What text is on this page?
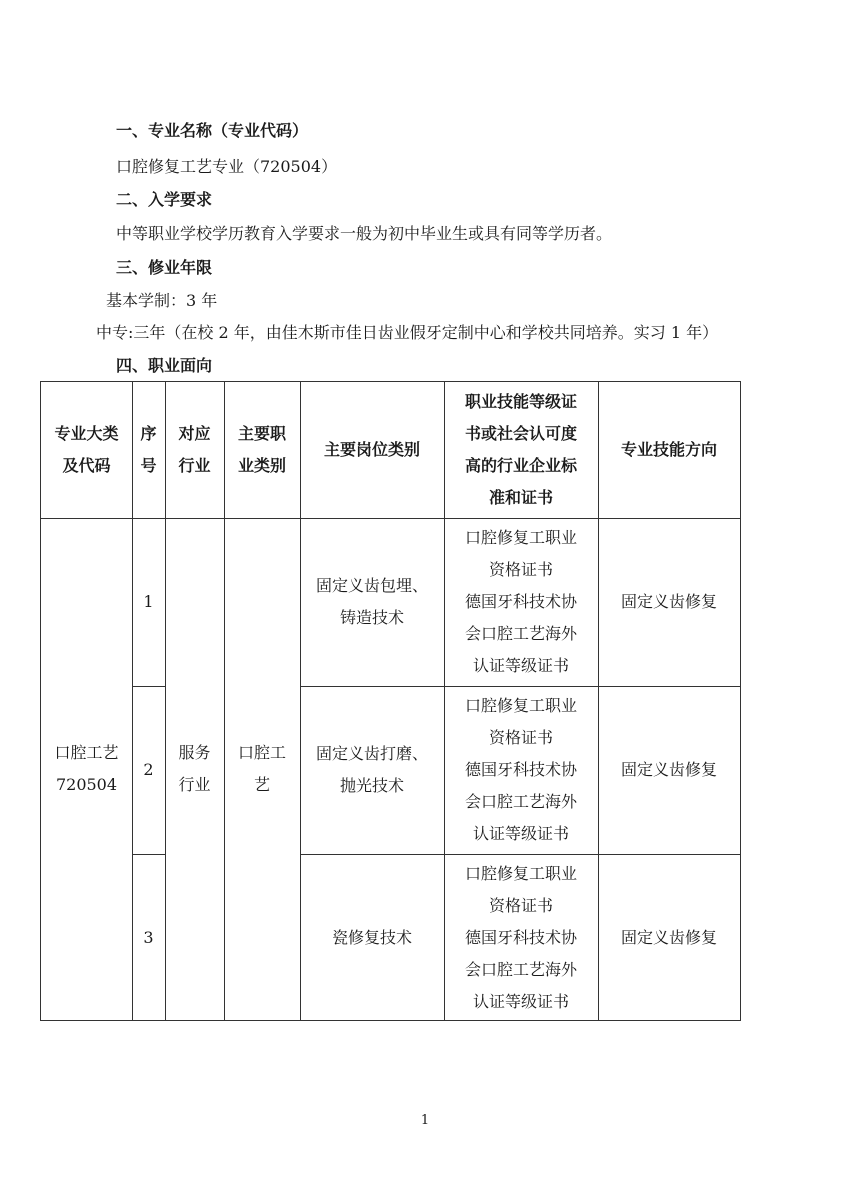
一、专业名称（专业代码）
口腔修复工艺专业（720504）
二、入学要求
中等职业学校学历教育入学要求一般为初中毕业生或具有同等学历者。
三、修业年限
基本学制：3 年
中专:三年（在校 2 年，由佳木斯市佳日齿业假牙定制中心和学校共同培养。实习 1 年）
四、职业面向
专业大类
及代码
序
号
对应
行业
主要职
业类别
主要岗位类别
职业技能等级证
书或社会认可度
高的行业企业标
准和证书
专业技能方向
口腔工艺
720504
服务
行业
口腔工
艺
1
固定义齿包埋、
铸造技术
口腔修复工职业
资格证书
德国牙科技术协
会口腔工艺海外
认证等级证书
固定义齿修复
2
固定义齿打磨、
抛光技术
口腔修复工职业
资格证书
德国牙科技术协
会口腔工艺海外
认证等级证书
固定义齿修复
3	瓷修复技术
口腔修复工职业
资格证书
德国牙科技术协
会口腔工艺海外
认证等级证书
固定义齿修复
1
